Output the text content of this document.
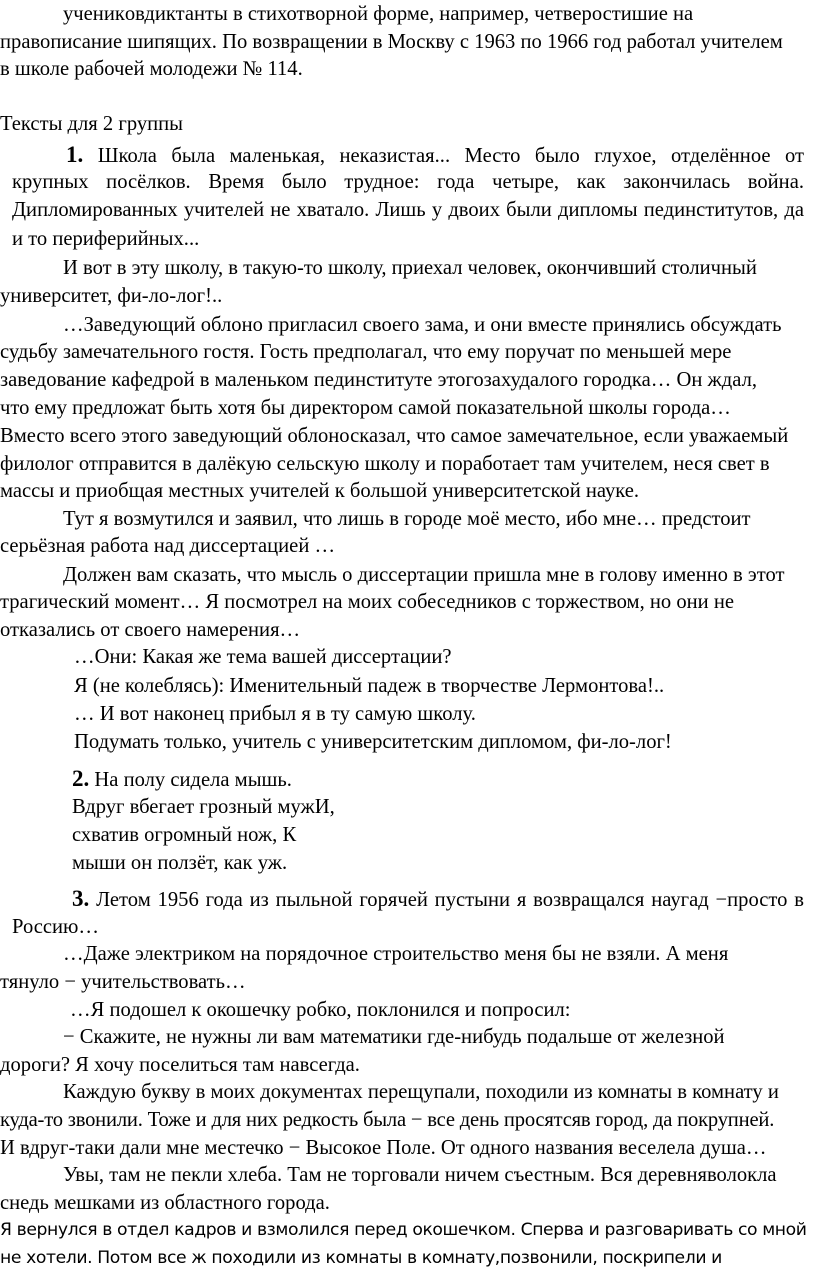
ученикoвдиктанты в стихотворной форме, например, четверостишие на
правописание шипящих. По возвращении в Москву с 1963 по 1966 год работал учителем
в школе рабочей молодежи № 114.
Тексты для 2 группы
1. Школа была маленькая, неказистая... Место было глухое, отделённое от
крупных посёлков. Время было трудное: года четыре, как закончилась война.
Дипломированных учителей не хватало. Лишь у двоих были дипломы пединститутов, да
и то периферийных...
И вот в эту школу, в такую-то школу, приехал человек, окончивший столичный
университет, фи-ло-лог!..
…Заведующий облоно пригласил своего зама, и они вместе принялись обсуждать
судьбу замечательного гостя. Гость предполагал, что ему поручат по меньшей мере
заведование кафедрой в маленьком пединституте этогозахудалого городка… Он ждал,
что ему предложат быть хотя бы директором самой показательной школы города…
Вместо всего этого заведующий облоносказал, что самое замечательное, если уважаемый
филолог отправится в далёкую сельскую школу и поработает там учителем, неся свет в
массы и приобщая местных учителей к большой университетской науке.
Тут я возмутился и заявил, что лишь в городе моё место, ибо мне… предстоит
серьёзная работа над диссертацией …
Должен вам сказать, что мысль о диссертации пришла мне в голову именно в этот
трагический момент… Я посмотрел на моих собеседников с торжеством, но они не
отказались от своего намерения…
…Они: Какая же тема вашей диссертации?
Я (не колеблясь): Именительный падеж в творчестве Лермонтова!..
… И вот наконец прибыл я в ту самую школу.
Подумать только, учитель с университетским дипломом, фи-ло-лог!
2. На полу сидела мышь.
Вдруг вбегает грозный мужИ,
схватив огромный нож, К
мыши он ползёт, как уж.
3. Летом 1956 года из пыльной горячей пустыни я возвращался наугад −просто в
Россию…
…Даже электриком на порядочное строительство меня бы не взяли. А меня
тянуло − учительствовать…
…Я подошел к окошечку робко, поклонился и попросил:
− Скажите, не нужны ли вам математики где-нибудь подальше от железной
дороги? Я хочу поселиться там навсегда.
Каждую букву в моих документах перещупали, походили из комнаты в комнату и
куда-то звонили. Тоже и для них редкость была − все день просятсяв город, да покрупней.
И вдруг-таки дали мне местечко − Высокое Поле. От одного названия веселела душа…
Увы, там не пекли хлеба. Там не торговали ничем съестным. Вся деревняволокла
снедь мешками из областного города.
Я вернулся в отдел кадров и взмолился перед окошечком. Сперва и разговаривать со мной
не хотели. Потом все ж походили из комнаты в комнату,позвонили, поскрипели и
